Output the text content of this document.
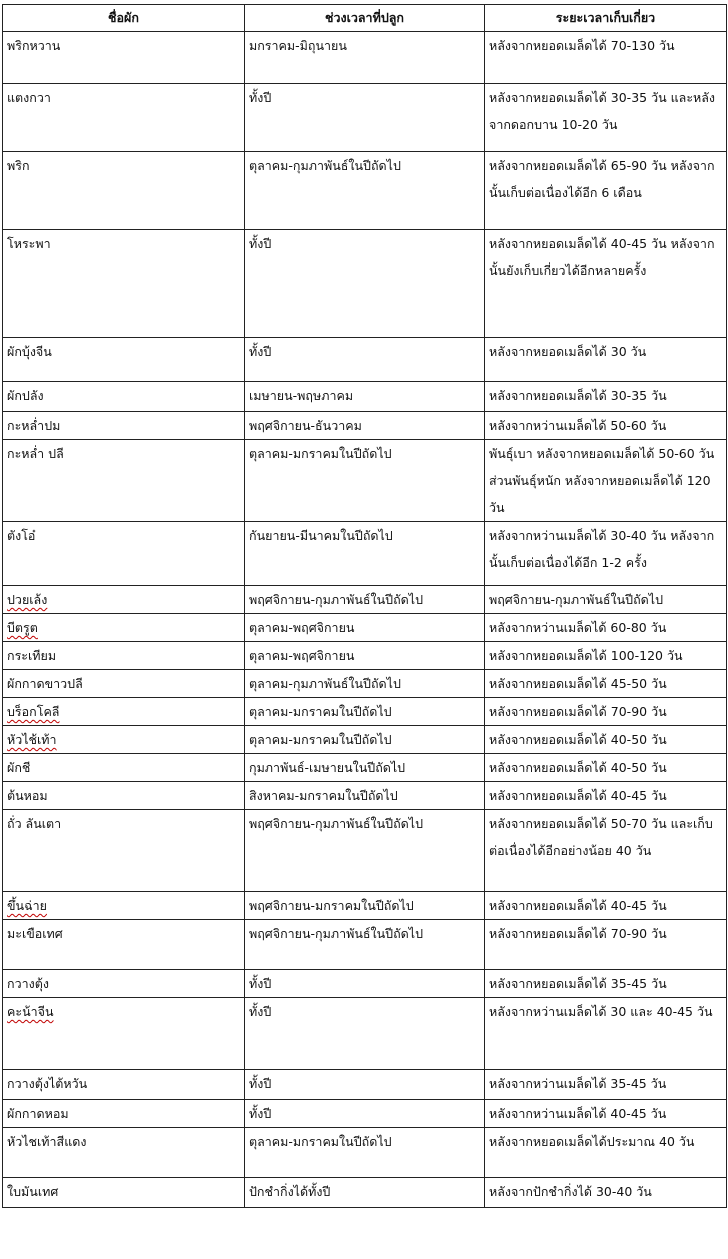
ชื่อผัก	ช่วงเวลาที่ปลูก	ระยะเวลาเก็บเกี่ยว
พริกหวาน	มกราคม-มิถุนายน	หลังจากหยอดเมล็ดได้ 70-130 วัน
แตงกวา	ทั้งปี	หลังจากหยอดเมล็ดได้ 30-35 วัน และหลังจากดอกบาน 10-20 วัน
พริก	ตุลาคม-กุมภาพันธ์ในปีถัดไป	หลังจากหยอดเมล็ดได้ 65-90 วัน หลังจากนั้นเก็บต่อเนื่องได้อีก 6 เดือน
โหระพา	ทั้งปี	หลังจากหยอดเมล็ดได้ 40-45 วัน หลังจากนั้นยังเก็บเกี่ยวได้อีกหลายครั้ง
ผักบุ้งจีน	ทั้งปี	หลังจากหยอดเมล็ดได้ 30 วัน
ผักปลัง	เมษายน-พฤษภาคม	หลังจากหยอดเมล็ดได้ 30-35 วัน
กะหล่ำปม	พฤศจิกายน-ธันวาคม	หลังจากหว่านเมล็ดได้ 50-60 วัน
กะหล่ำ ปลี	ตุลาคม-มกราคมในปีถัดไป	พันธุ์เบา หลังจากหยอดเมล็ดได้ 50-60 วัน ส่วนพันธุ์หนัก หลังจากหยอดเมล็ดได้ 120 วัน
ตังโอ๋	กันยายน-มีนาคมในปีถัดไป	หลังจากหว่านเมล็ดได้ 30-40 วัน หลังจากนั้นเก็บต่อเนื่องได้อีก 1-2 ครั้ง
ปวยเล้ง	พฤศจิกายน-กุมภาพันธ์ในปีถัดไป	พฤศจิกายน-กุมภาพันธ์ในปีถัดไป
บีตรูต	ตุลาคม-พฤศจิกายน	หลังจากหว่านเมล็ดได้ 60-80 วัน
กระเทียม	ตุลาคม-พฤศจิกายน	หลังจากหยอดเมล็ดได้ 100-120 วัน
ผักกาดขาวปลี	ตุลาคม-กุมภาพันธ์ในปีถัดไป	หลังจากหยอดเมล็ดได้ 45-50 วัน
บร็อกโคลี	ตุลาคม-มกราคมในปีถัดไป	หลังจากหยอดเมล็ดได้ 70-90 วัน
หัวไช้เท้า	ตุลาคม-มกราคมในปีถัดไป	หลังจากหยอดเมล็ดได้ 40-50 วัน
ผักชี	กุมภาพันธ์-เมษายนในปีถัดไป	หลังจากหยอดเมล็ดได้ 40-50 วัน
ต้นหอม	สิงหาคม-มกราคมในปีถัดไป	หลังจากหยอดเมล็ดได้ 40-45 วัน
ถั่ว ลันเตา	พฤศจิกายน-กุมภาพันธ์ในปีถัดไป	หลังจากหยอดเมล็ดได้ 50-70 วัน และเก็บต่อเนื่องได้อีกอย่างน้อย 40 วัน
ขึ้นฉ่าย	พฤศจิกายน-มกราคมในปีถัดไป	หลังจากหยอดเมล็ดได้ 40-45 วัน
มะเขือเทศ	พฤศจิกายน-กุมภาพันธ์ในปีถัดไป	หลังจากหยอดเมล็ดได้ 70-90 วัน
กวางตุ้ง	ทั้งปี	หลังจากหยอดเมล็ดได้ 35-45 วัน
คะน้าจีน	ทั้งปี	หลังจากหว่านเมล็ดได้ 30 และ 40-45 วัน
กวางตุ้งไต้หวัน	ทั้งปี	หลังจากหว่านเมล็ดได้ 35-45 วัน
ผักกาดหอม	ทั้งปี	หลังจากหว่านเมล็ดได้ 40-45 วัน
หัวไชเท้าสีแดง	ตุลาคม-มกราคมในปีถัดไป	หลังจากหยอดเมล็ดได้ประมาณ 40 วัน
ใบมันเทศ	ปักชำกิ่งได้ทั้งปี	หลังจากปักชำกิ่งได้ 30-40 วัน
